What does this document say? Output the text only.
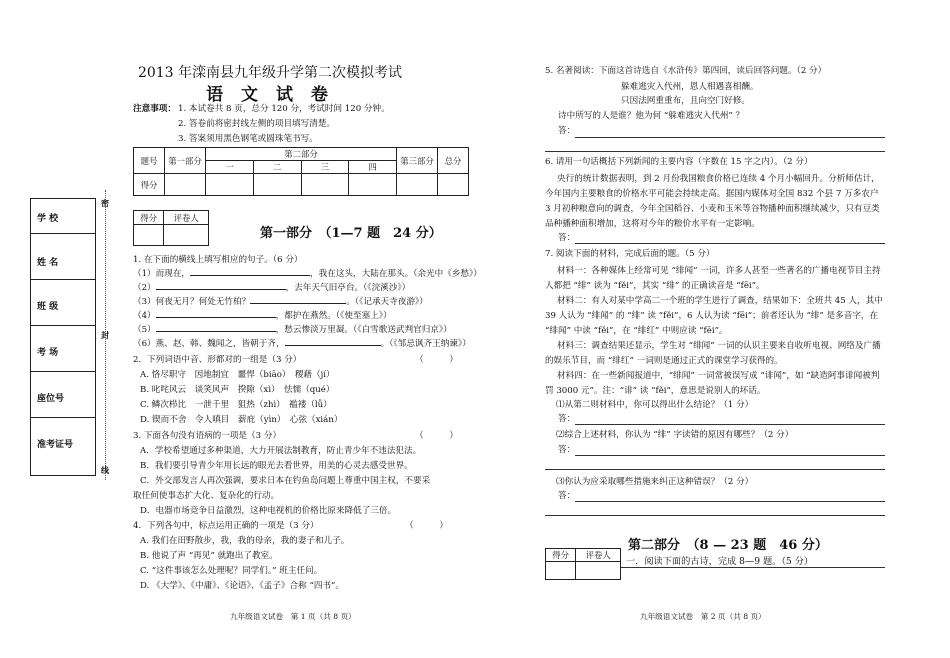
学 校
姓 名
班 级
考 场
座位号
准考证号
密
封
线
2013 年滦南县九年级升学第二次模拟考试
语 文 试 卷
注意事项： 1. 本试卷共 8 页，总分 120 分，考试时间 120 分钟。
2. 答卷前将密封线左侧的项目填写清楚。
3. 答案须用黑色钢笔或圆珠笔书写。
题号	第一部分	第二部分				第三部分	总分
		一	二	三	四		
得分							
得分	评卷人

第一部分　（1—7 题　24 分）
1. 在下面的横线上填写相应的句子。（6 分）
（1）而现在，	，我在这头，大陆在那头。（余光中《乡愁》）
（2）	，去年天气旧亭台。（《浣溪沙》）
（3）何夜无月？何处无竹柏？	。（《记承天寺夜游》）
（4）	，都护在燕然。（《使至塞上》）
（5）	，愁云惨淡万里凝。（《白雪歌送武判官归京》）
（6）燕、赵、韩、魏闻之，皆朝于齐，	。（《邹忌讽齐王纳谏》）
2．下列词语中音、形都对的一组是（3 分）	（　　　）
A. 恪尽职守　因地制宜　噩悍（biāo）　稷藉（jí）
B. 叱咤风云　谈笑风声　揆隙（xì）　怯懦（qué）
C. 鳞次栉比　一泄千里　狙热（zhì）　褴褛（lǚ）
D. 锲而不舍　令人嗔目　薪庇（yìn）　心弦（xián）
3. 下面各句没有语病的一项是（3 分）	（　　　）
A．学校希望通过多种渠道，大力开展法制教育，防止青少年不违法犯法。
B．我们要引导青少年用长远的眼光去看世界，用美的心灵去感受世界。
C．外交部发言人再次强调，要求日本在钓鱼岛问题上尊重中国主权，不要采
取任何使事态扩大化、复杂化的行动。
D．电器市场竞争日益激烈，这种电视机的价格比原来降低了三倍。
4．下列各句中，标点运用正确的一项是（3 分）	（　　　）
A. 我们在田野散步，我，我的母亲，我的妻子和儿子。
B. 他说了声 “再见” 就跑出了教室。
C. “这件事该怎么处理呢？同学们。” 班主任问。
D. 《大学》、《中庸》、《论语》、《孟子》合称 “四书”。
九年级语文试卷　第 1 页（共 8 页）
5. 名著阅读：下面这首诗选自《水浒传》第四回，读后回答问题。（2 分）
躲难逃灾入代州，恩人相遇喜相酬。
只因法网重重布，且向空门好修。
诗中所写的人是谁？他为何 “躲难逃灾入代州” ？
答：
6. 请用一句话概括下列新闻的主要内容（字数在 15 字之内）。（2 分）
央行的统计数据表明，到 2 月份我国粮食价格已连续 4 个月小幅回升。分析师估计，今年国内主要粮食的价格水平可能会持续走高。据国内媒体对全国 832 个县 7 万多农户 3 月初种粮意向的调查，今年全国稻谷、小麦和玉米等谷物播种面积继续减少，只有豆类品种播种面积增加，这将对今年的粮价水平有一定影响。
答：
7. 阅读下面的材料，完成后面的题。（5 分）
材料一：各种媒体上经常可见 “绯闻” 一词，许多人甚至一些著名的广播电视节目主持人都把 “绯” 读为 “fěi”，其实 “绯” 的正确读音是 “fēi”。
材料二：有人对某中学高二一个班的学生进行了调查，结果如下：全班共 45 人，其中 39 人认为 “绯闻” 的 “绯” 读 “fěi”，6 人认为读 “fēi”；前者还认为 “绯” 是多音字，在 “绯闻” 中读 “fěi”，在 “绯红” 中则应读 “fēi”。
材料三：调查结果还显示，学生对 “绯闻” 一词的认识主要来自收听电视、网络及广播的娱乐节目，而 “绯红” 一词则是通过正式的课堂学习获得的。
材料四：在一些新闻报道中，“绯闻” 一词常被误写成 “诽闻”，如 “缺造阿事诽闻被判罚 3000 元”。注：“诽” 读 “fěi”，意思是说别人的坏话。
⑴从第二则材料中，你可以得出什么结论？（1 分）
答：
⑵综合上述材料，你认为 “绯” 字读错的原因有哪些？（2 分）
答：
⑶你认为应采取哪些措施来纠正这种错误？（2 分）
答：
第二部分　（8 — 23 题　46 分）
得分	评卷人

一．阅读下面的古诗，完成 8—9 题。（5 分）
九年级语文试卷　第 2 页（共 8 页）
